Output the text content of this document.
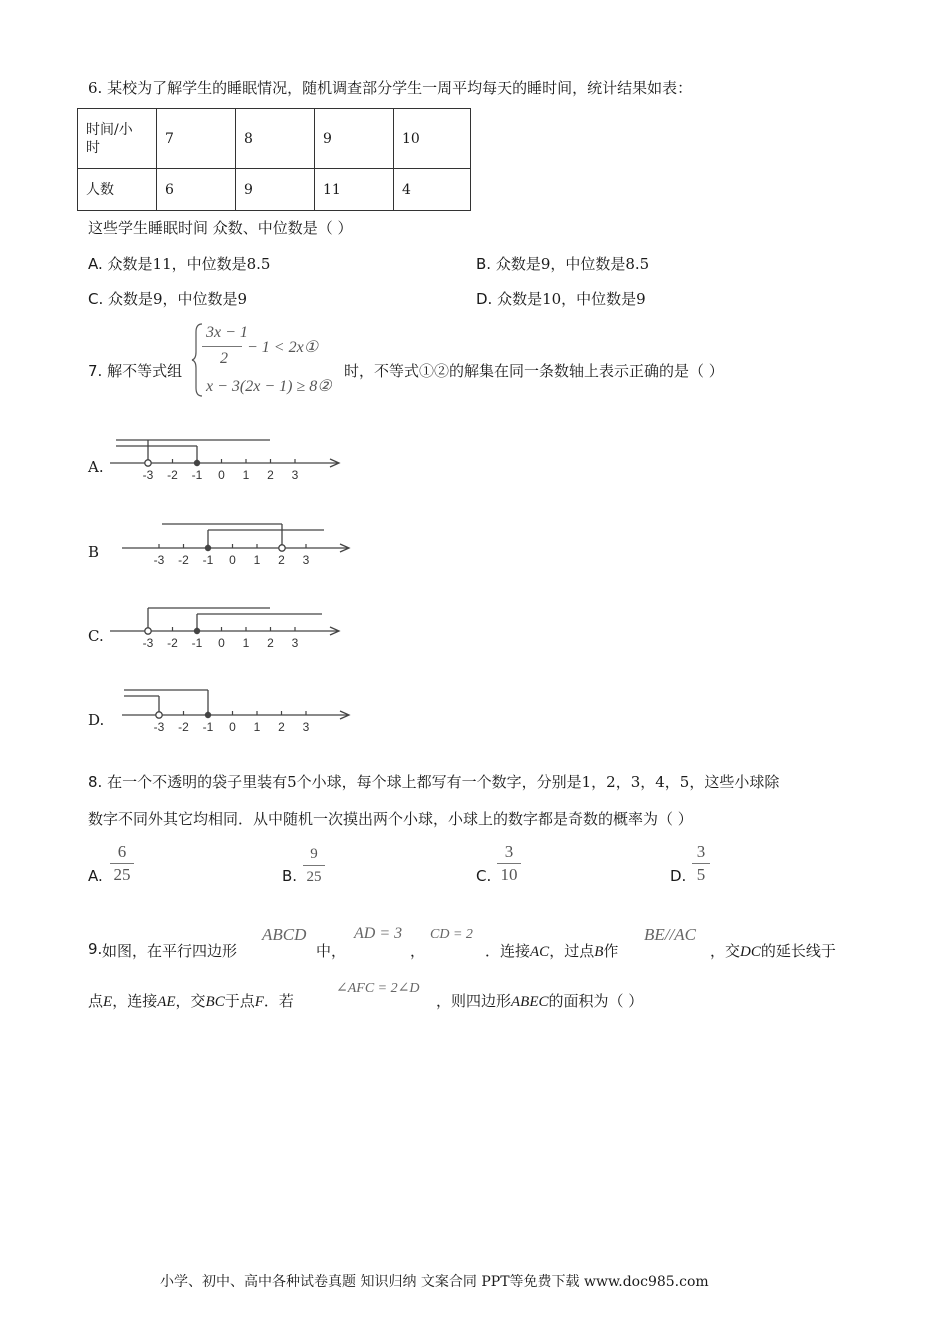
6. 某校为了解学生的睡眠情况，随机调查部分学生一周平均每天的睡时间，统计结果如表：
时间/小
时	7	8	9	10
人数	6	9	11	4
这些学生睡眠时间 众数、中位数是（ ）
A. 众数是11，中位数是8.5	B. 众数是9，中位数是8.5
C. 众数是9，中位数是9	D. 众数是10，中位数是9
7. 解不等式组
3x − 1
2
− 1 < 2x①
x − 3(2x − 1) ≥ 8②
时，不等式①②的解集在同一条数轴上表示正确的是（ ）
A.	-3 -2 -1 0 1 2 3
B	-3 -2 -1 0 1 2 3
C.	-3 -2 -1 0 1 2 3
D.	-3 -2 -1 0 1 2 3
8. 在一个不透明的袋子里装有5个小球，每个球上都写有一个数字，分别是1，2，3，4，5，这些小球除
数字不同外其它均相同．从中随机一次摸出两个小球，小球上的数字都是奇数的概率为（ ）
A.
6
25	B.
9
25	C.
3
10	D.
3
5
9. 如图，在平行四边形
ABCD
中，
AD = 3
，
CD = 2
．连接AC，过点B作
BE//AC
，交DC的延长线于
点E，连接AE，交BC于点F．若
∠AFC = 2∠D
，则四边形ABEC的面积为（ ）
小学、初中、高中各种试卷真题 知识归纳 文案合同 PPT等免费下载 www.doc985.com
